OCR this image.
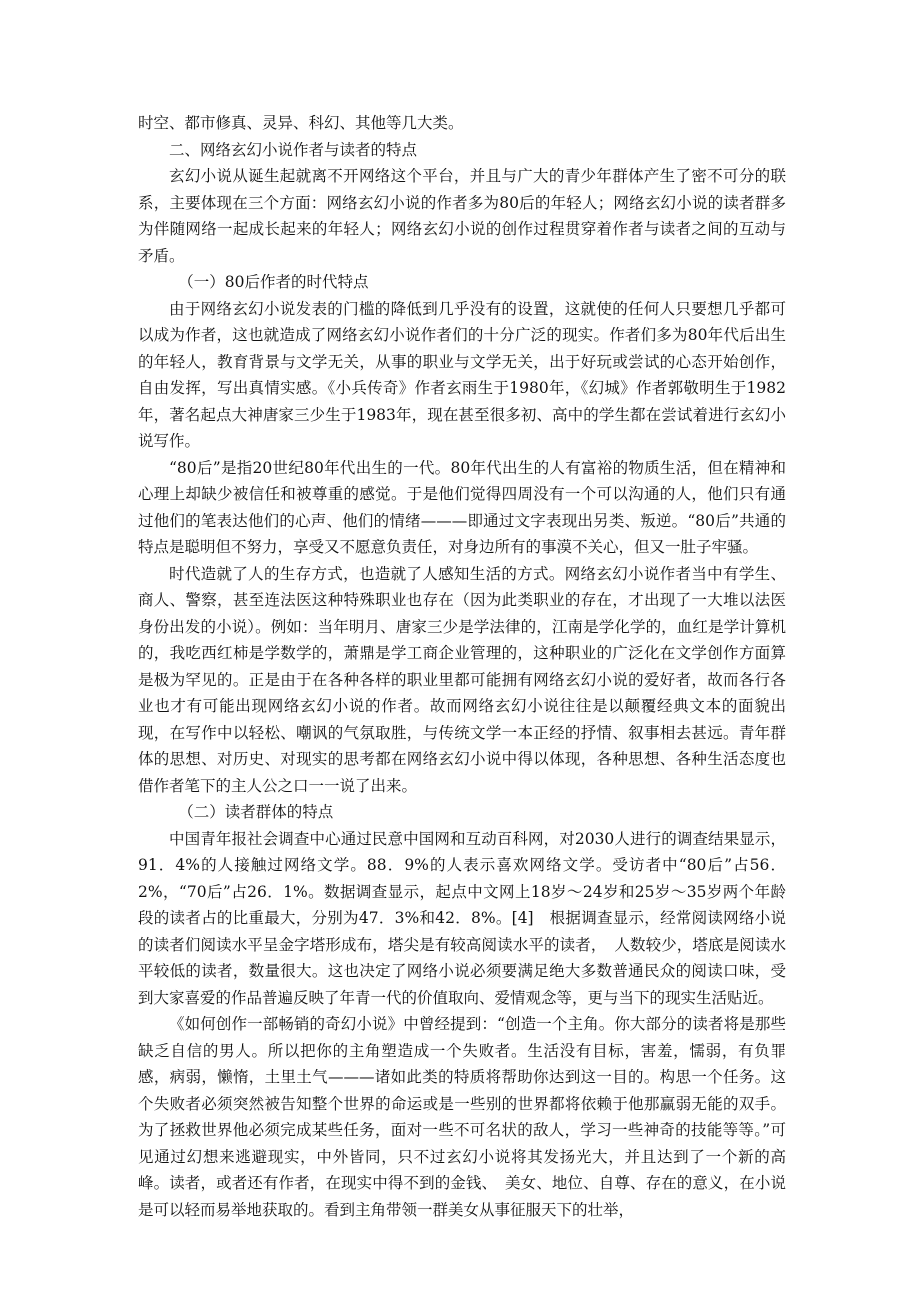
时空、都市修真、灵异、科幻、其他等几大类。

二、网络玄幻小说作者与读者的特点

玄幻小说从诞生起就离不开网络这个平台，并且与广大的青少年群体产生了密不可分的联系，主要体现在三个方面：网络玄幻小说的作者多为80后的年轻人；网络玄幻小说的读者群多为伴随网络一起成长起来的年轻人；网络玄幻小说的创作过程贯穿着作者与读者之间的互动与矛盾。

（一）80后作者的时代特点

由于网络玄幻小说发表的门槛的降低到几乎没有的设置，这就使的任何人只要想几乎都可以成为作者，这也就造成了网络玄幻小说作者们的十分广泛的现实。作者们多为80年代后出生的年轻人，教育背景与文学无关，从事的职业与文学无关，出于好玩或尝试的心态开始创作，自由发挥，写出真情实感。《小兵传奇》作者玄雨生于1980年，《幻城》作者郭敬明生于1982年，著名起点大神唐家三少生于1983年，现在甚至很多初、高中的学生都在尝试着进行玄幻小说写作。

“80后”是指20世纪80年代出生的一代。80年代出生的人有富裕的物质生活，但在精神和心理上却缺少被信任和被尊重的感觉。于是他们觉得四周没有一个可以沟通的人，他们只有通过他们的笔表达他们的心声、他们的情绪———即通过文字表现出另类、叛逆。“80后”共通的特点是聪明但不努力，享受又不愿意负责任，对身边所有的事漠不关心，但又一肚子牢骚。

时代造就了人的生存方式，也造就了人感知生活的方式。网络玄幻小说作者当中有学生、商人、警察，甚至连法医这种特殊职业也存在（因为此类职业的存在，才出现了一大堆以法医身份出发的小说）。例如：当年明月、唐家三少是学法律的，江南是学化学的，血红是学计算机的，我吃西红柿是学数学的，萧鼎是学工商企业管理的，这种职业的广泛化在文学创作方面算是极为罕见的。正是由于在各种各样的职业里都可能拥有网络玄幻小说的爱好者，故而各行各业也才有可能出现网络玄幻小说的作者。故而网络玄幻小说往往是以颠覆经典文本的面貌出现，在写作中以轻松、嘲讽的气氛取胜，与传统文学一本正经的抒情、叙事相去甚远。青年群体的思想、对历史、对现实的思考都在网络玄幻小说中得以体现，各种思想、各种生活态度也借作者笔下的主人公之口一一说了出来。

（二）读者群体的特点

中国青年报社会调查中心通过民意中国网和互动百科网，对2030人进行的调查结果显示，91．4%的人接触过网络文学。88．9%的人表示喜欢网络文学。受访者中“80后”占56．2%，“70后”占26．1%。数据调查显示，起点中文网上18岁～24岁和25岁～35岁两个年龄段的读者占的比重最大，分别为47．3%和42．8%。[4]　根据调查显示，经常阅读网络小说的读者们阅读水平呈金字塔形成布，塔尖是有较高阅读水平的读者，　人数较少，塔底是阅读水平较低的读者，数量很大。这也决定了网络小说必须要满足绝大多数普通民众的阅读口味，受到大家喜爱的作品普遍反映了年青一代的价值取向、爱情观念等，更与当下的现实生活贴近。

《如何创作一部畅销的奇幻小说》中曾经提到：“创造一个主角。你大部分的读者将是那些缺乏自信的男人。所以把你的主角塑造成一个失败者。生活没有目标，害羞，懦弱，有负罪感，病弱，懒惰，土里土气———诸如此类的特质将帮助你达到这一目的。构思一个任务。这个失败者必须突然被告知整个世界的命运或是一些别的世界都将依赖于他那赢弱无能的双手。为了拯救世界他必须完成某些任务，面对一些不可名状的敌人，学习一些神奇的技能等等。”可见通过幻想来逃避现实，中外皆同，只不过玄幻小说将其发扬光大，并且达到了一个新的高峰。读者，或者还有作者，在现实中得不到的金钱、　美女、地位、自尊、存在的意义，在小说是可以轻而易举地获取的。看到主角带领一群美女从事征服天下的壮举，
